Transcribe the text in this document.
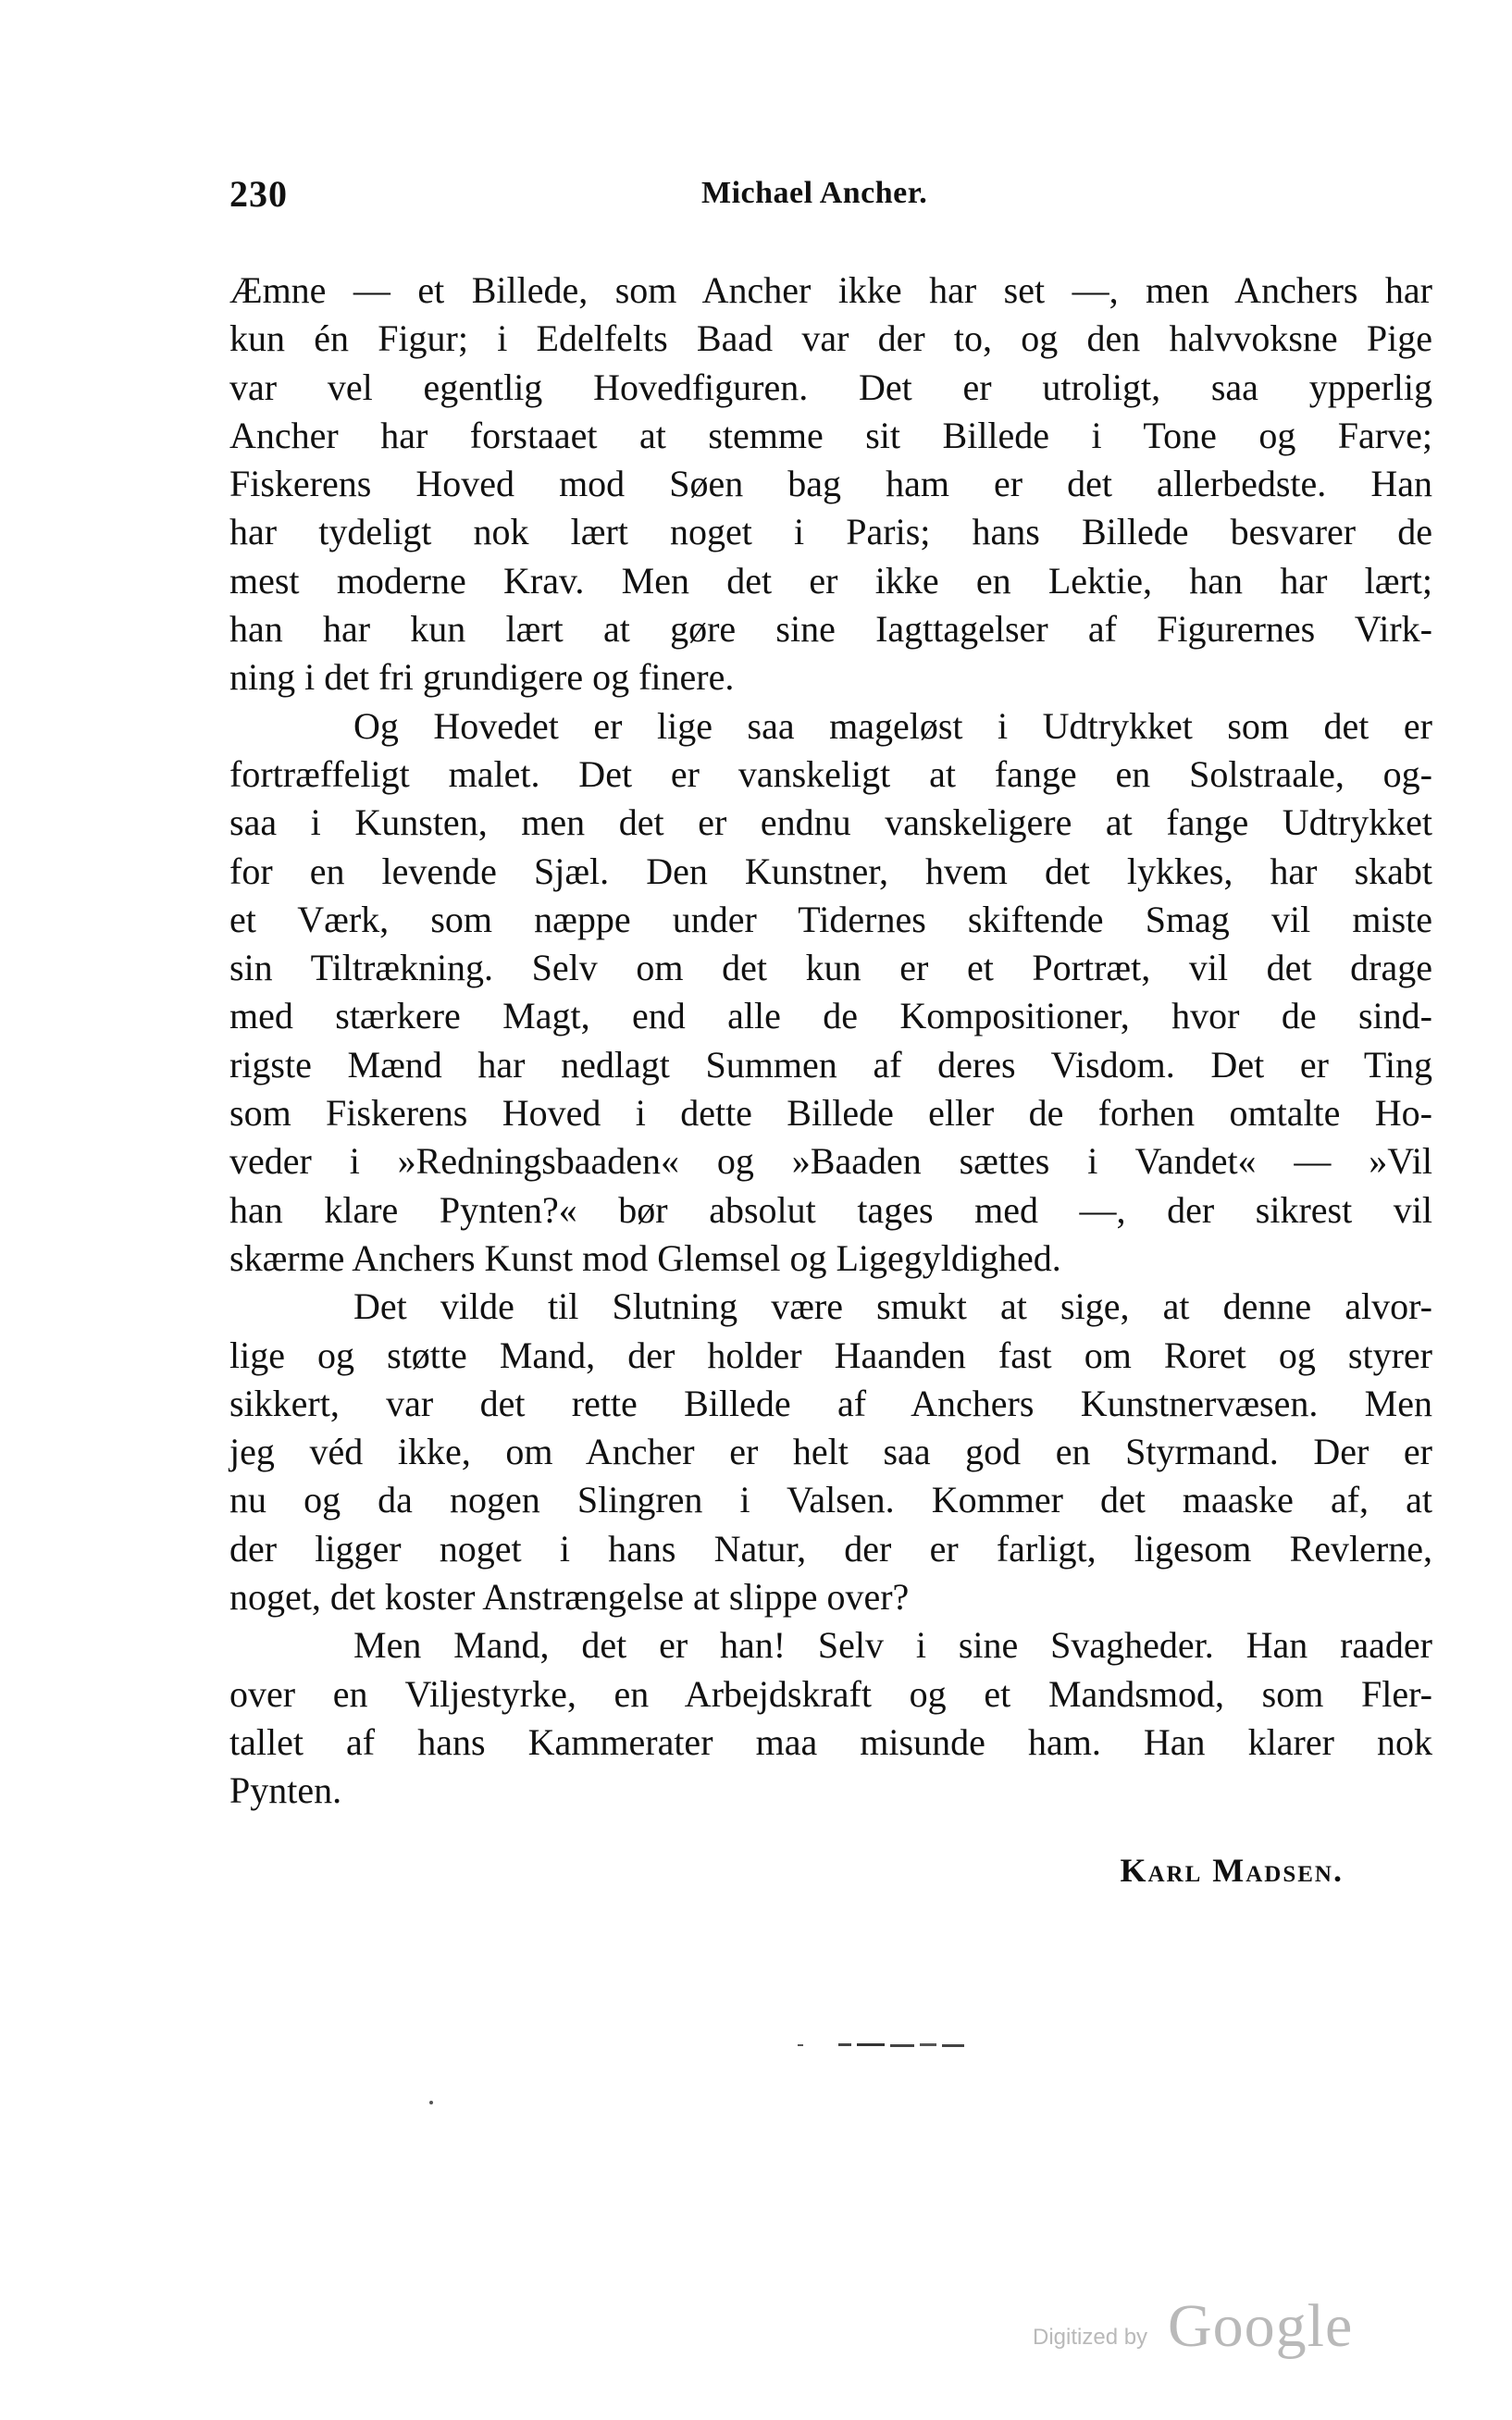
230	Michael Ancher.
Æmne — et Billede, som Ancher ikke har set —, men Anchers har
kun én Figur; i Edelfelts Baad var der to, og den halvvoksne Pige
var vel egentlig Hovedfiguren. Det er utroligt, saa ypperlig
Ancher har forstaaet at stemme sit Billede i Tone og Farve;
Fiskerens Hoved mod Søen bag ham er det allerbedste. Han
har tydeligt nok lært noget i Paris; hans Billede besvarer de
mest moderne Krav. Men det er ikke en Lektie, han har lært;
han har kun lært at gøre sine Iagttagelser af Figurernes Virk-
ning i det fri grundigere og finere.
Og Hovedet er lige saa mageløst i Udtrykket som det er
fortræffeligt malet. Det er vanskeligt at fange en Solstraale, og-
saa i Kunsten, men det er endnu vanskeligere at fange Udtrykket
for en levende Sjæl. Den Kunstner, hvem det lykkes, har skabt
et Værk, som næppe under Tidernes skiftende Smag vil miste
sin Tiltrækning. Selv om det kun er et Portræt, vil det drage
med stærkere Magt, end alle de Kompositioner, hvor de sind-
rigste Mænd har nedlagt Summen af deres Visdom. Det er Ting
som Fiskerens Hoved i dette Billede eller de forhen omtalte Ho-
veder i »Redningsbaaden« og »Baaden sættes i Vandet« — »Vil
han klare Pynten?« bør absolut tages med —, der sikrest vil
skærme Anchers Kunst mod Glemsel og Ligegyldighed.
Det vilde til Slutning være smukt at sige, at denne alvor-
lige og støtte Mand, der holder Haanden fast om Roret og styrer
sikkert, var det rette Billede af Anchers Kunstnervæsen. Men
jeg véd ikke, om Ancher er helt saa god en Styrmand. Der er
nu og da nogen Slingren i Valsen. Kommer det maaske af, at
der ligger noget i hans Natur, der er farligt, ligesom Revlerne,
noget, det koster Anstrængelse at slippe over?
Men Mand, det er han! Selv i sine Svagheder. Han raader
over en Viljestyrke, en Arbejdskraft og et Mandsmod, som Fler-
tallet af hans Kammerater maa misunde ham. Han klarer nok
Pynten.
Karl Madsen.
Digitized by Google
